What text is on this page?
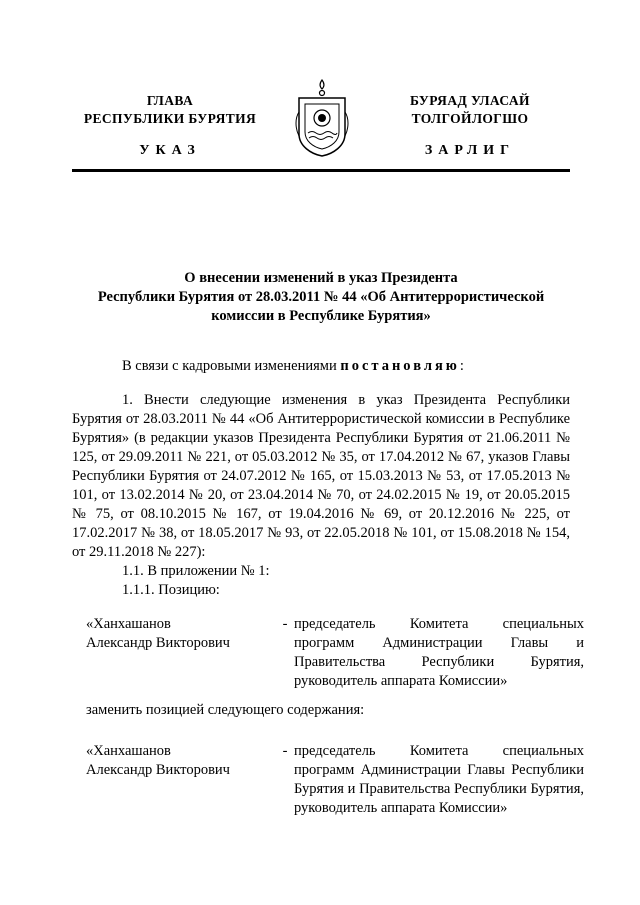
ГЛАВА
РЕСПУБЛИКИ БУРЯТИЯ
УКАЗ
БУРЯАД УЛАСАЙ
ТОЛГОЙЛОГШО
ЗАРЛИГ
О внесении изменений в указ Президента
Республики Бурятия от 28.03.2011 № 44 «Об Антитеррористической
комиссии в Республике Бурятия»
В связи с кадровыми изменениями постановляю:
1. Внести следующие изменения в указ Президента Республики Бурятия от 28.03.2011 № 44 «Об Антитеррористической комиссии в Республике Бурятия» (в редакции указов Президента Республики Бурятия от 21.06.2011 № 125, от 29.09.2011 № 221, от 05.03.2012 № 35, от 17.04.2012 № 67, указов Главы Республики Бурятия от 24.07.2012 № 165, от 15.03.2013 № 53, от 17.05.2013 № 101, от 13.02.2014 № 20, от 23.04.2014 № 70, от 24.02.2015 № 19, от 20.05.2015 № 75, от 08.10.2015 № 167, от 19.04.2016 № 69, от 20.12.2016 № 225, от 17.02.2017 № 38, от 18.05.2017 № 93, от 22.05.2018 № 101, от 15.08.2018 № 154, от 29.11.2018 № 227):
1.1. В приложении № 1:
1.1.1. Позицию:
«Ханхашанов
Александр Викторович
- председатель Комитета специальных программ Администрации Главы и Правительства Республики Бурятия, руководитель аппарата Комиссии»
заменить позицией следующего содержания:
«Ханхашанов
Александр Викторович
- председатель Комитета специальных программ Администрации Главы Республики Бурятия и Правительства Республики Бурятия, руководитель аппарата Комиссии»
